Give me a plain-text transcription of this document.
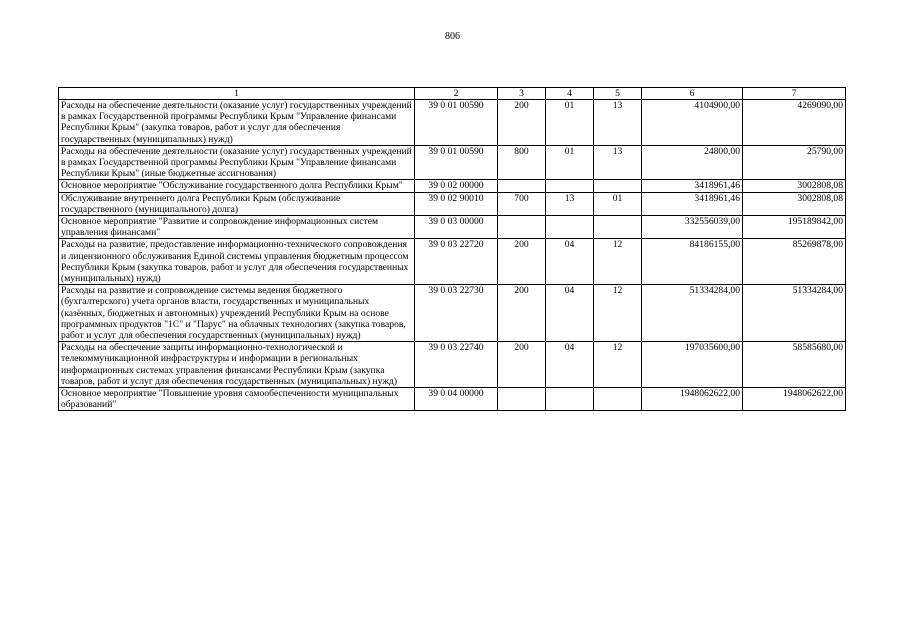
806
1	2	3	4	5	6	7
Расходы на обеспечение деятельности (оказание услуг) государственных учреждений в рамках Государственной программы Республики Крым "Управление финансами Республики Крым" (закупка товаров, работ и услуг для обеспечения государственных (муниципальных) нужд)	39 0 01 00590	200	01	13	4104900,00	4269090,00
Расходы на обеспечение деятельности (оказание услуг) государственных учреждений в рамках Государственной программы Республики Крым "Управление финансами Республики Крым" (иные бюджетные ассигнования)	39 0 01 00590	800	01	13	24800,00	25790,00
Основное мероприятие "Обслуживание государственного долга Республики Крым"	39 0 02 00000				3418961,46	3002808,08
Обслуживание внутреннего долга Республики Крым (обслуживание государственного (муниципального) долга)	39 0 02 90010	700	13	01	3418961,46	3002808,08
Основное мероприятие "Развитие и сопровождение информационных систем управления финансами"	39 0 03 00000				332556039,00	195189842,00
Расходы на развитие, предоставление информационно-технического сопровождения и лицензионного обслуживания Единой системы управления бюджетным процессом Республики Крым (закупка товаров, работ и услуг для обеспечения государственных (муниципальных) нужд)	39 0 03 22720	200	04	12	84186155,00	85269878,00
Расходы на развитие и сопровождение системы ведения бюджетного (бухгалтерского) учета органов власти, государственных и муниципальных (казённых, бюджетных и автономных) учреждений Республики Крым на основе программных продуктов "1С" и "Парус" на облачных технологиях (закупка товаров, работ и услуг для обеспечения государственных (муниципальных) нужд)	39 0 03 22730	200	04	12	51334284,00	51334284,00
Расходы на обеспечение защиты информационно-технологической и телекоммуникационной инфраструктуры и информации в региональных информационных системах управления финансами Республики Крым (закупка товаров, работ и услуг для обеспечения государственных (муниципальных) нужд)	39 0 03 22740	200	04	12	197035600,00	58585680,00
Основное мероприятие "Повышение уровня самообеспеченности муниципальных образований"	39 0 04 00000				1948062622,00	1948062622,00
